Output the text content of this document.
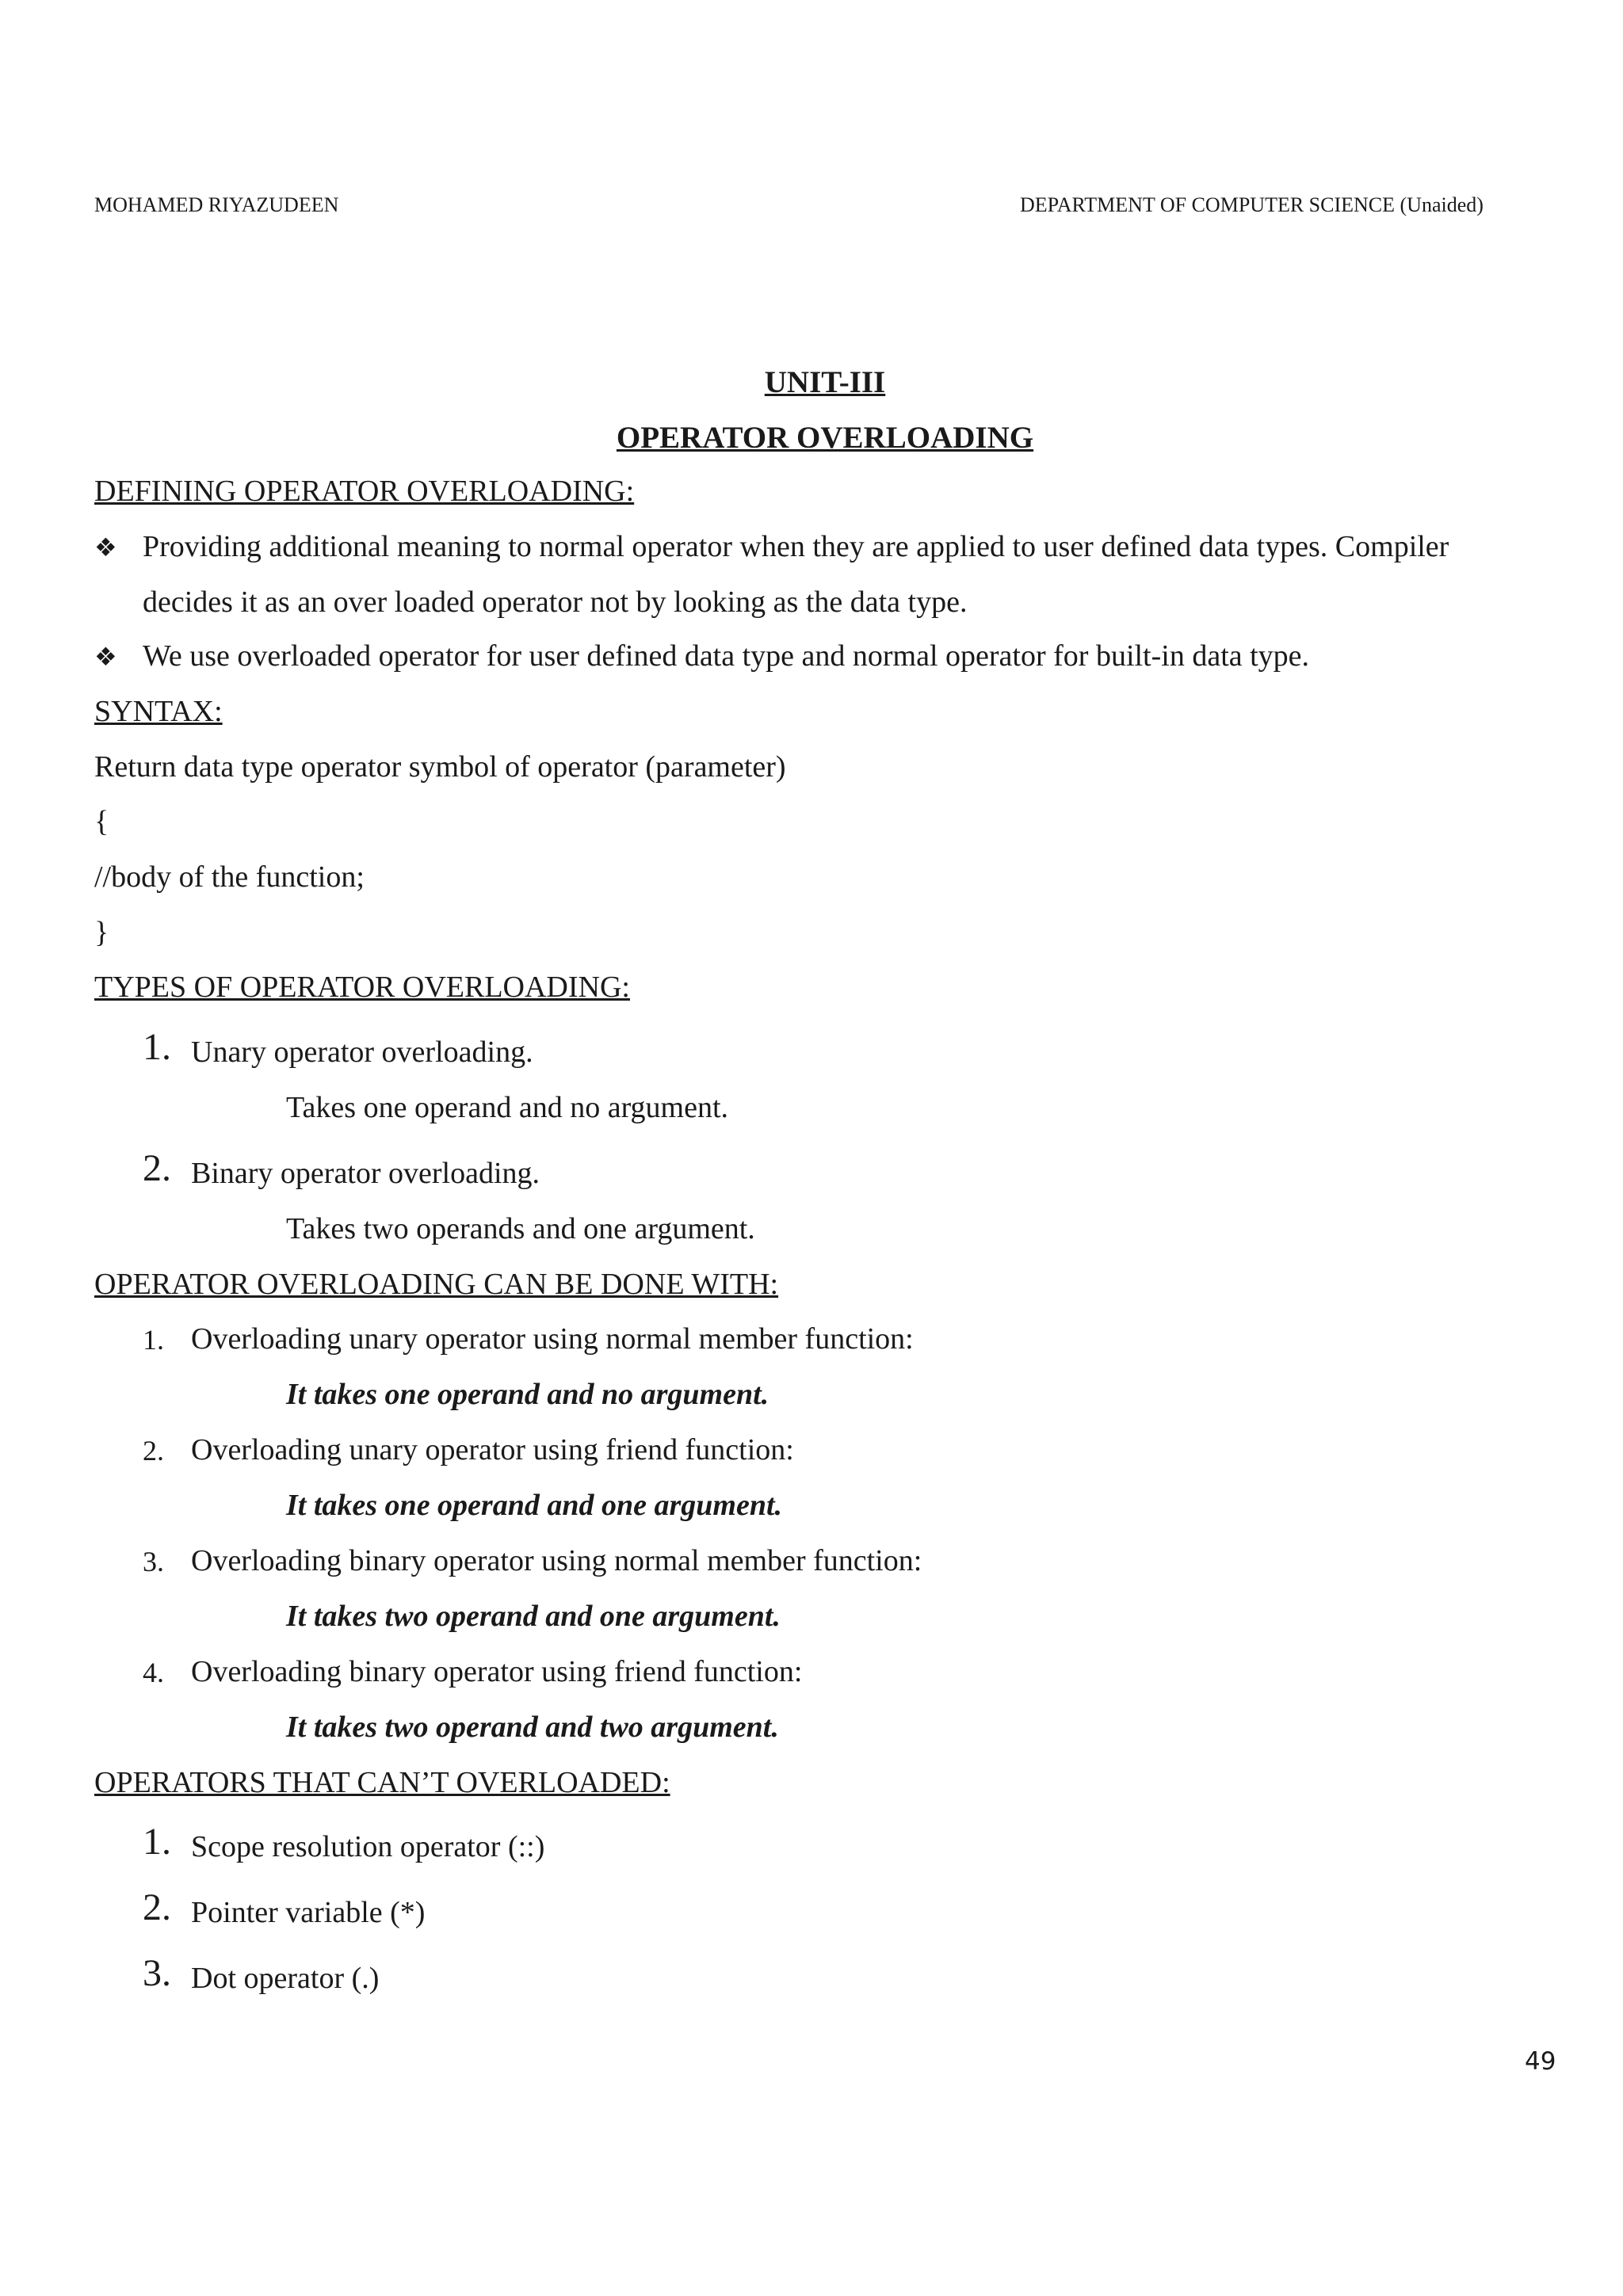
MOHAMED RIYAZUDEEN	DEPARTMENT OF COMPUTER SCIENCE (Unaided)
UNIT-III
OPERATOR OVERLOADING
DEFINING OPERATOR OVERLOADING:
❖ Providing additional meaning to normal operator when they are applied to user defined data types. Compiler
decides it as an over loaded operator not by looking as the data type.
❖ We use overloaded operator for user defined data type and normal operator for built-in data type.
SYNTAX:
Return data type operator symbol of operator (parameter)
{
//body of the function;
}
TYPES OF OPERATOR OVERLOADING:
1. Unary operator overloading.
Takes one operand and no argument.
2. Binary operator overloading.
Takes two operands and one argument.
OPERATOR OVERLOADING CAN BE DONE WITH:
1. Overloading unary operator using normal member function:
It takes one operand and no argument.
2. Overloading unary operator using friend function:
It takes one operand and one argument.
3. Overloading binary operator using normal member function:
It takes two operand and one argument.
4. Overloading binary operator using friend function:
It takes two operand and two argument.
OPERATORS THAT CAN’T OVERLOADED:
1. Scope resolution operator (::)
2. Pointer variable (*)
3. Dot operator (.)
49
